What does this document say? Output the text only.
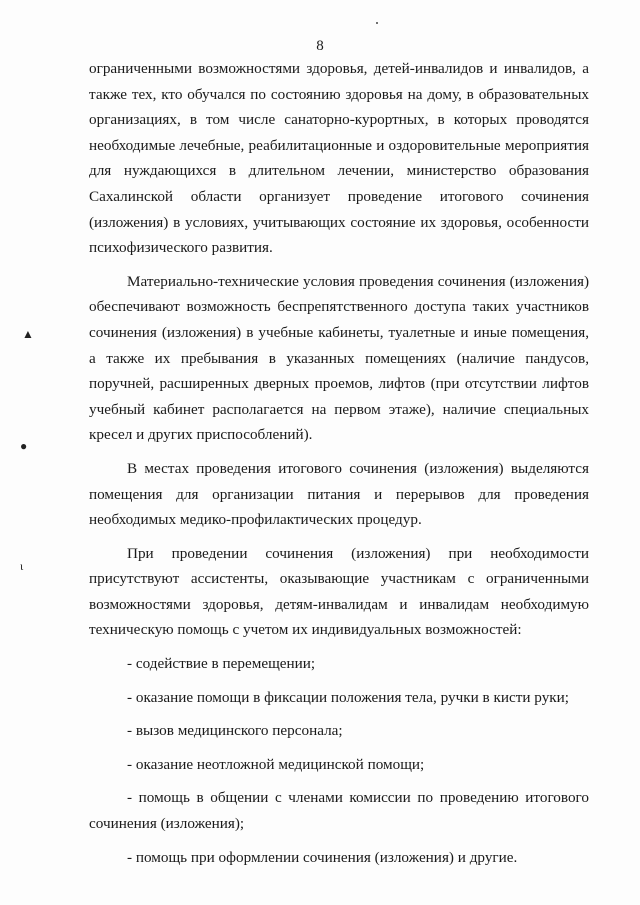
8
▲
●
ι

ограниченными возможностями здоровья, детей-инвалидов и инвалидов, а также тех, кто обучался по состоянию здоровья на дому, в образовательных организациях, в том числе санаторно-курортных, в которых проводятся необходимые лечебные, реабилитационные и оздоровительные мероприятия для нуждающихся в длительном лечении, министерство образования Сахалинской области организует проведение итогового сочинения (изложения) в условиях, учитывающих состояние их здоровья, особенности психофизического развития.

Материально-технические условия проведения сочинения (изложения) обеспечивают возможность беспрепятственного доступа таких участников сочинения (изложения) в учебные кабинеты, туалетные и иные помещения, а также их пребывания в указанных помещениях (наличие пандусов, поручней, расширенных дверных проемов, лифтов (при отсутствии лифтов учебный кабинет располагается на первом этаже), наличие специальных кресел и других приспособлений).

В местах проведения итогового сочинения (изложения) выделяются помещения для организации питания и перерывов для проведения необходимых медико-профилактических процедур.

При проведении сочинения (изложения) при необходимости присутствуют ассистенты, оказывающие участникам с ограниченными возможностями здоровья, детям-инвалидам и инвалидам необходимую техническую помощь с учетом их индивидуальных возможностей:

- содействие в перемещении;

- оказание помощи в фиксации положения тела, ручки в кисти руки;

- вызов медицинского персонала;

- оказание неотложной медицинской помощи;

- помощь в общении с членами комиссии по проведению итогового сочинения (изложения);

- помощь при оформлении сочинения (изложения) и другие.
